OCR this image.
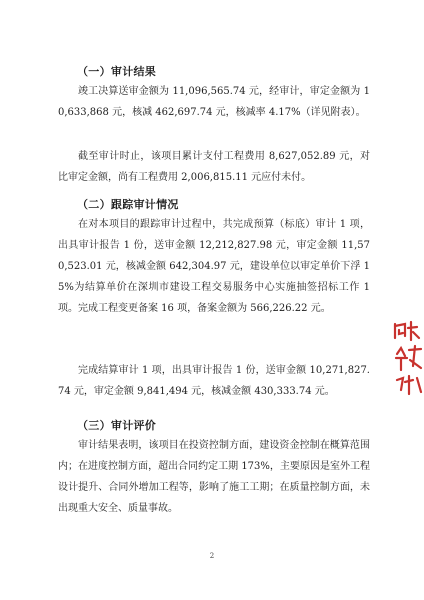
（一）审计结果
竣工决算送审金额为 11,096,565.74 元，经审计，审定金额为 10,633,868 元，核减 462,697.74 元，核减率 4.17%（详见附表）。
截至审计时止，该项目累计支付工程费用 8,627,052.89 元，对比审定金额，尚有工程费用 2,006,815.11 元应付未付。
（二）跟踪审计情况
在对本项目的跟踪审计过程中，共完成预算（标底）审计 1 项，出具审计报告 1 份，送审金额 12,212,827.98 元，审定金额 11,570,523.01 元，核减金额 642,304.97 元，建设单位以审定单价下浮 15%为结算单价在深圳市建设工程交易服务中心实施抽签招标工作 1 项。完成工程变更备案 16 项，备案金额为 566,226.22 元。
完成结算审计 1 项，出具审计报告 1 份，送审金额 10,271,827.74 元，审定金额 9,841,494 元，核减金额 430,333.74 元。
（三）审计评价
审计结果表明，该项目在投资控制方面，建设资金控制在概算范围内；在进度控制方面，超出合同约定工期 173%，主要原因是室外工程设计提升、合同外增加工程等，影响了施工工期；在质量控制方面，未出现重大安全、质量事故。
2
